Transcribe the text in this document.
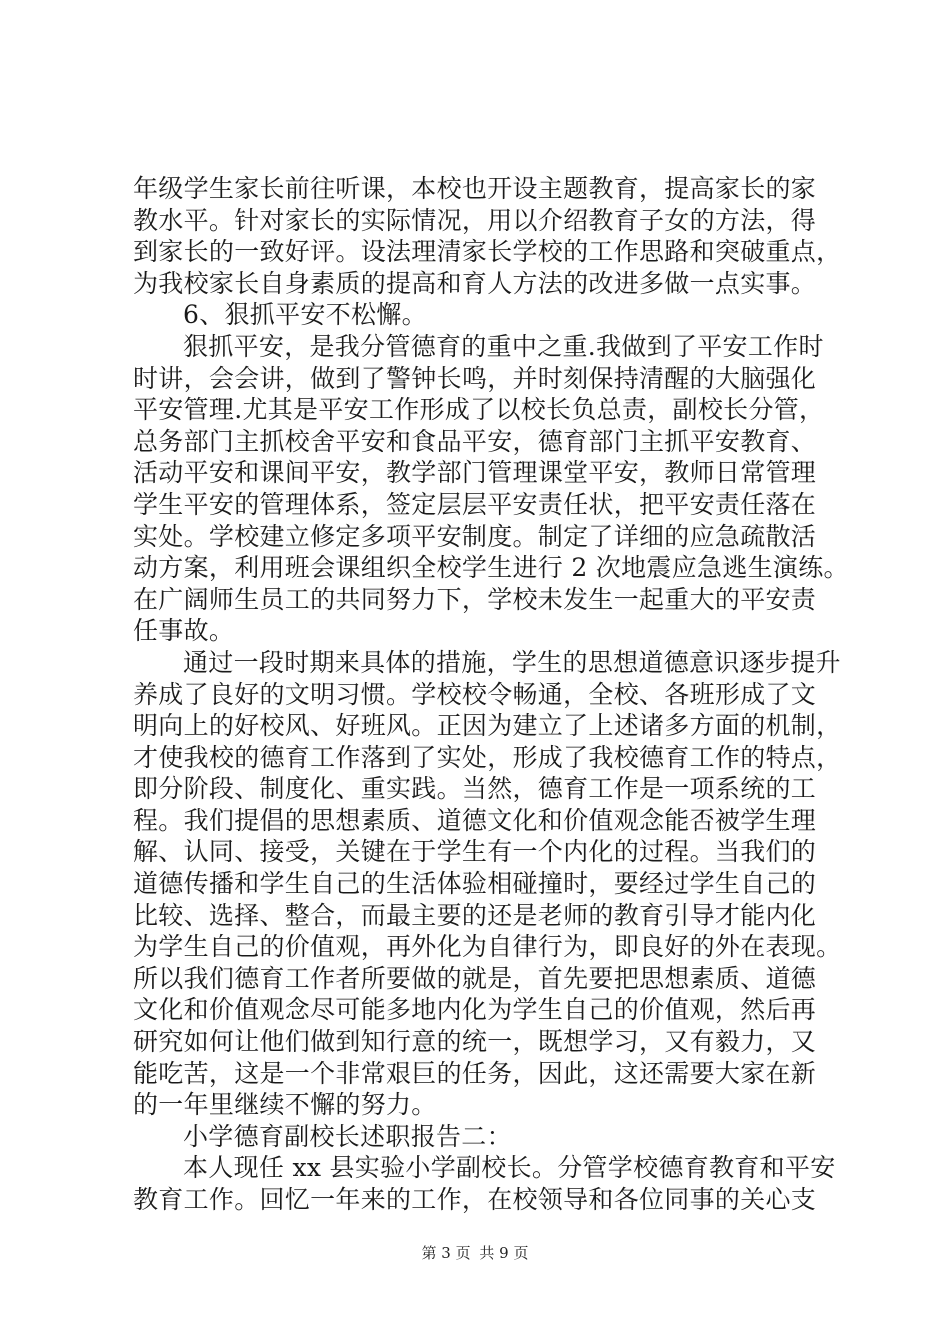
年级学生家长前往听课，本校也开设主题教育，提高家长的家
教水平。针对家长的实际情况，用以介绍教育子女的方法，得
到家长的一致好评。设法理清家长学校的工作思路和突破重点，
为我校家长自身素质的提高和育人方法的改进多做一点实事。
6、狠抓平安不松懈。
狠抓平安，是我分管德育的重中之重.我做到了平安工作时
时讲，会会讲，做到了警钟长鸣，并时刻保持清醒的大脑强化
平安管理.尤其是平安工作形成了以校长负总责，副校长分管，
总务部门主抓校舍平安和食品平安，德育部门主抓平安教育、
活动平安和课间平安，教学部门管理课堂平安，教师日常管理
学生平安的管理体系，签定层层平安责任状，把平安责任落在
实处。学校建立修定多项平安制度。制定了详细的应急疏散活
动方案，利用班会课组织全校学生进行 2 次地震应急逃生演练。
在广阔师生员工的共同努力下，学校未发生一起重大的平安责
任事故。
通过一段时期来具体的措施，学生的思想道德意识逐步提升
养成了良好的文明习惯。学校校令畅通，全校、各班形成了文
明向上的好校风、好班风。正因为建立了上述诸多方面的机制，
才使我校的德育工作落到了实处，形成了我校德育工作的特点，
即分阶段、制度化、重实践。当然，德育工作是一项系统的工
程。我们提倡的思想素质、道德文化和价值观念能否被学生理
解、认同、接受，关键在于学生有一个内化的过程。当我们的
道德传播和学生自己的生活体验相碰撞时，要经过学生自己的
比较、选择、整合，而最主要的还是老师的教育引导才能内化
为学生自己的价值观，再外化为自律行为，即良好的外在表现。
所以我们德育工作者所要做的就是，首先要把思想素质、道德
文化和价值观念尽可能多地内化为学生自己的价值观，然后再
研究如何让他们做到知行意的统一，既想学习，又有毅力，又
能吃苦，这是一个非常艰巨的任务，因此，这还需要大家在新
的一年里继续不懈的努力。
小学德育副校长述职报告二：
本人现任 xx 县实验小学副校长。分管学校德育教育和平安
教育工作。回忆一年来的工作，在校领导和各位同事的关心支
第 3 页 共 9 页
